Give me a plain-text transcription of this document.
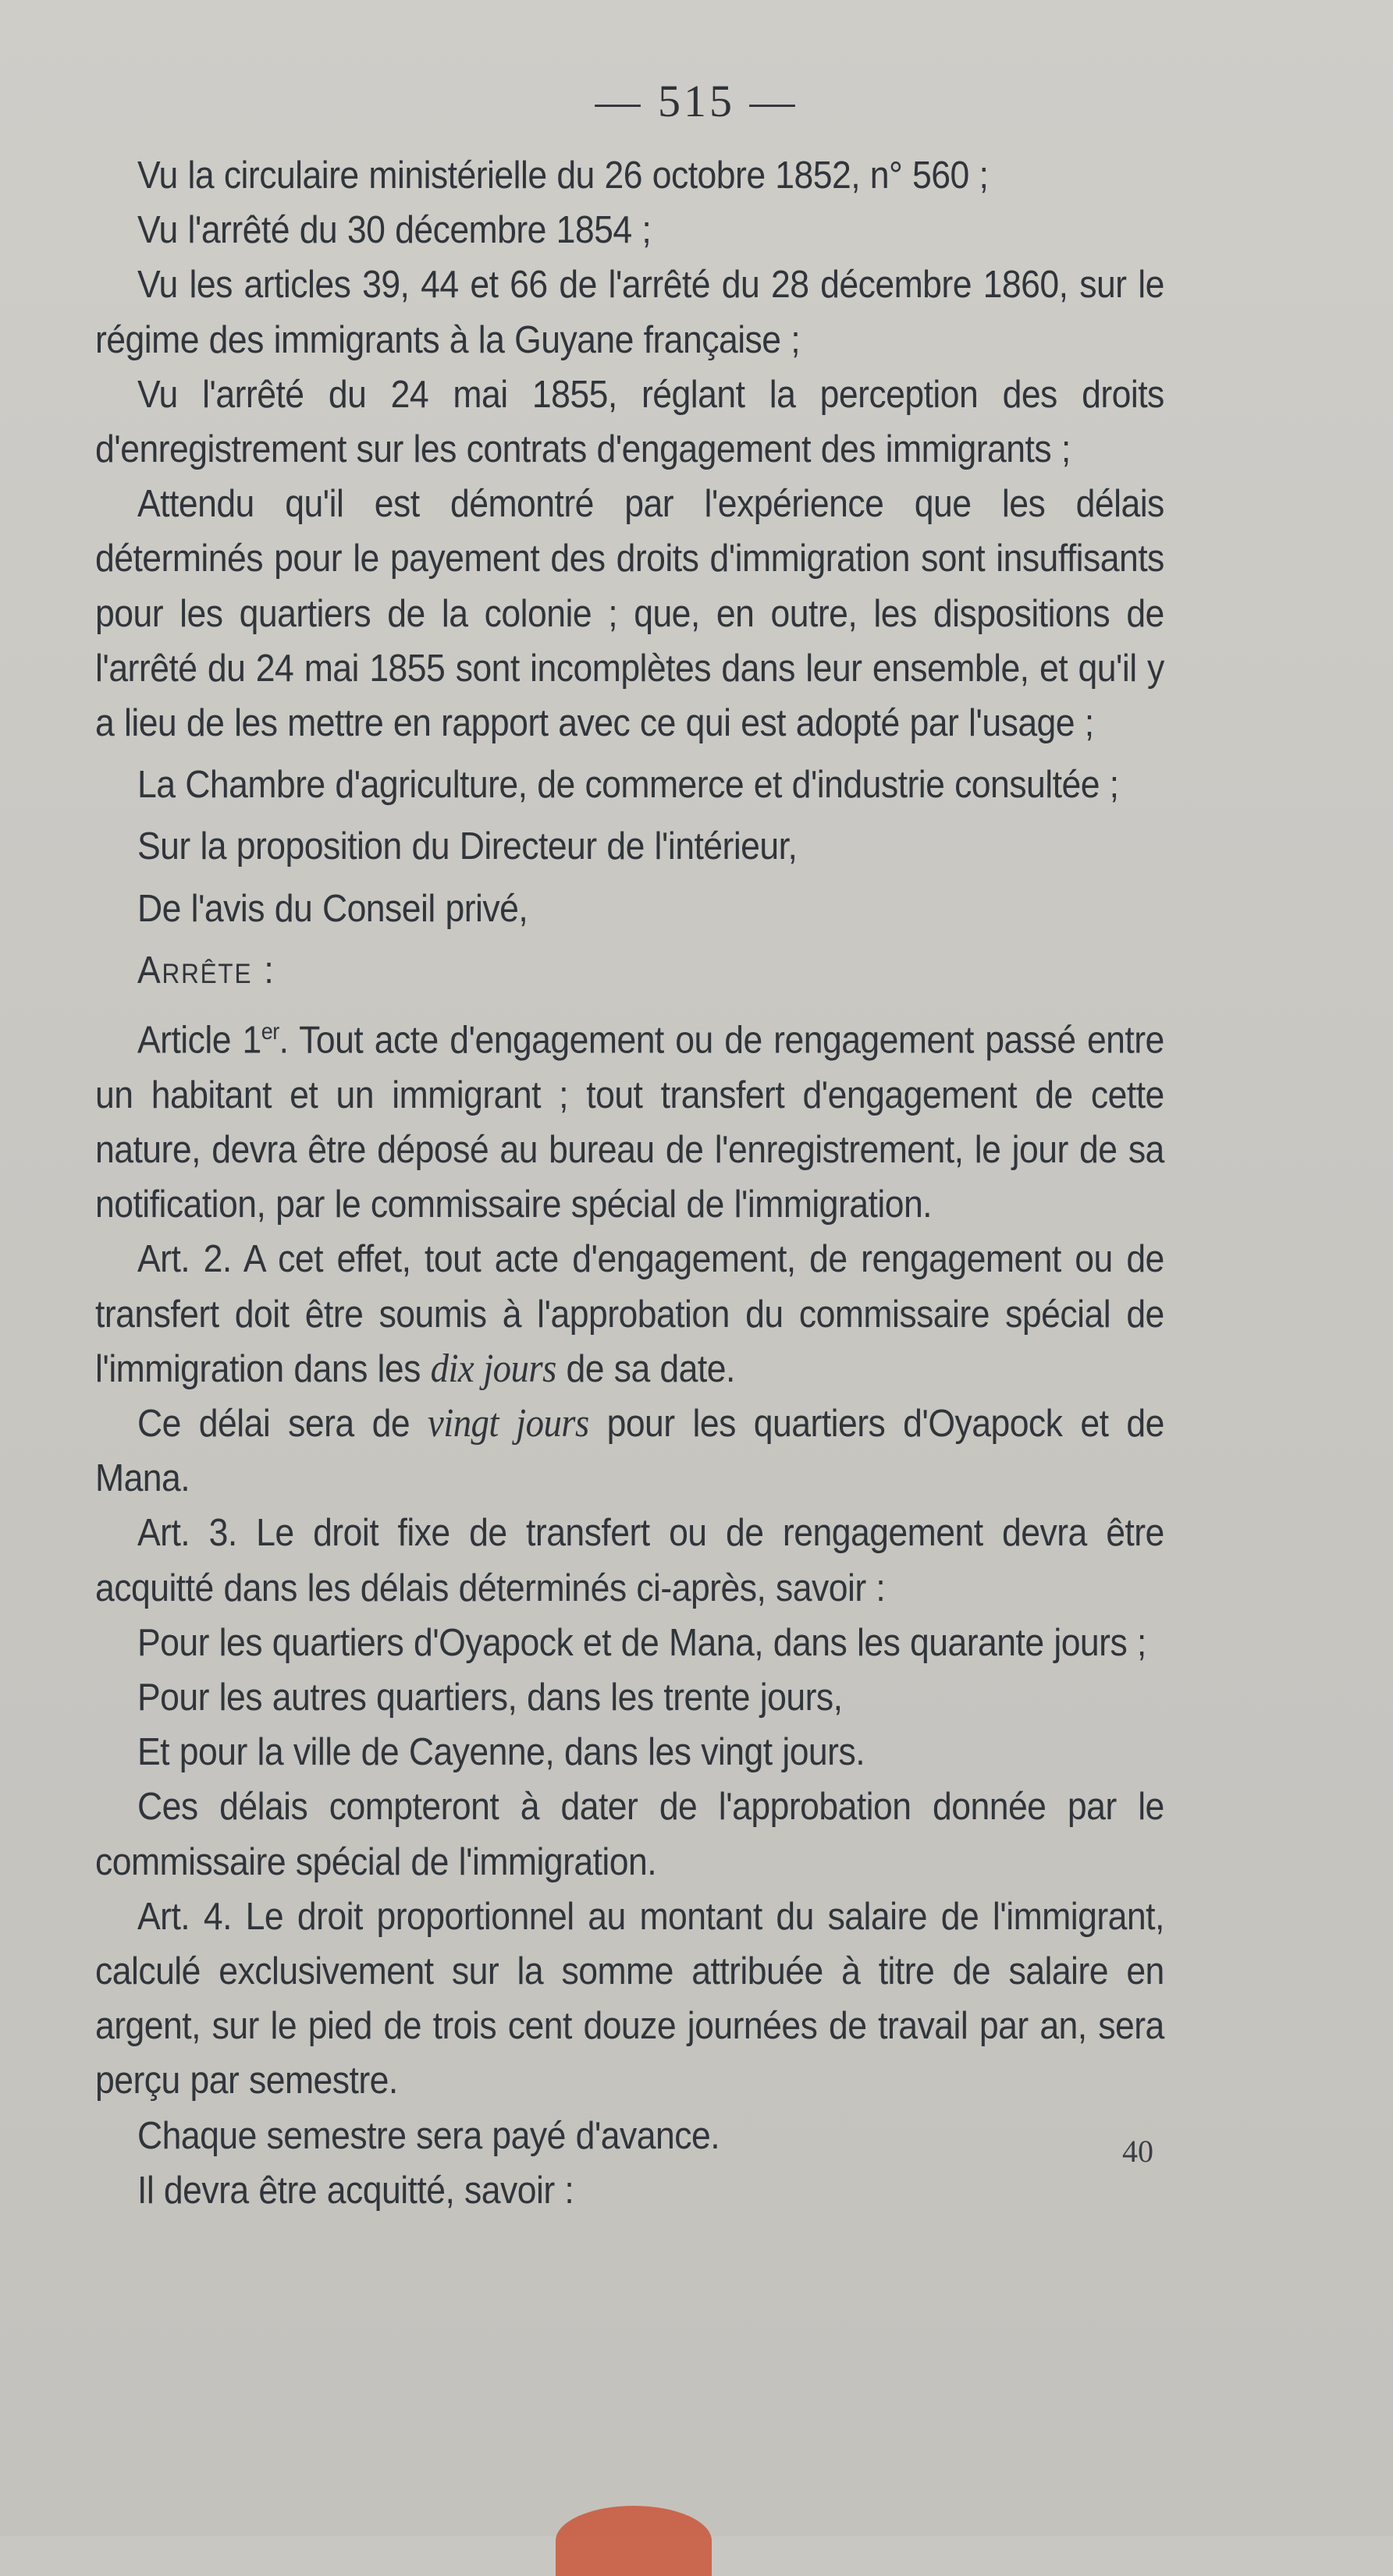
— 515 —

Vu la circulaire ministérielle du 26 octobre 1852, n° 560 ;

Vu l'arrêté du 30 décembre 1854 ;

Vu les articles 39, 44 et 66 de l'arrêté du 28 décembre 1860, sur le régime des immigrants à la Guyane française ;

Vu l'arrêté du 24 mai 1855, réglant la perception des droits d'enregistrement sur les contrats d'engagement des immigrants ;

Attendu qu'il est démontré par l'expérience que les délais déterminés pour le payement des droits d'immigration sont insuffisants pour les quartiers de la colonie ; que, en outre, les dispositions de l'arrêté du 24 mai 1855 sont incomplètes dans leur ensemble, et qu'il y a lieu de les mettre en rapport avec ce qui est adopté par l'usage ;

La Chambre d'agriculture, de commerce et d'industrie consultée ;

Sur la proposition du Directeur de l'intérieur,

De l'avis du Conseil privé,

Arrête :

Article 1er. Tout acte d'engagement ou de rengagement passé entre un habitant et un immigrant ; tout transfert d'engagement de cette nature, devra être déposé au bureau de l'enregistrement, le jour de sa notification, par le commissaire spécial de l'immigration.

Art. 2. A cet effet, tout acte d'engagement, de rengagement ou de transfert doit être soumis à l'approbation du commissaire spécial de l'immigration dans les dix jours de sa date.

Ce délai sera de vingt jours pour les quartiers d'Oyapock et de Mana.

Art. 3. Le droit fixe de transfert ou de rengagement devra être acquitté dans les délais déterminés ci-après, savoir :

Pour les quartiers d'Oyapock et de Mana, dans les quarante jours ;

Pour les autres quartiers, dans les trente jours,

Et pour la ville de Cayenne, dans les vingt jours.

Ces délais compteront à dater de l'approbation donnée par le commissaire spécial de l'immigration.

Art. 4. Le droit proportionnel au montant du salaire de l'immigrant, calculé exclusivement sur la somme attribuée à titre de salaire en argent, sur le pied de trois cent douze journées de travail par an, sera perçu par semestre.

Chaque semestre sera payé d'avance.

Il devra être acquitté, savoir :

40
